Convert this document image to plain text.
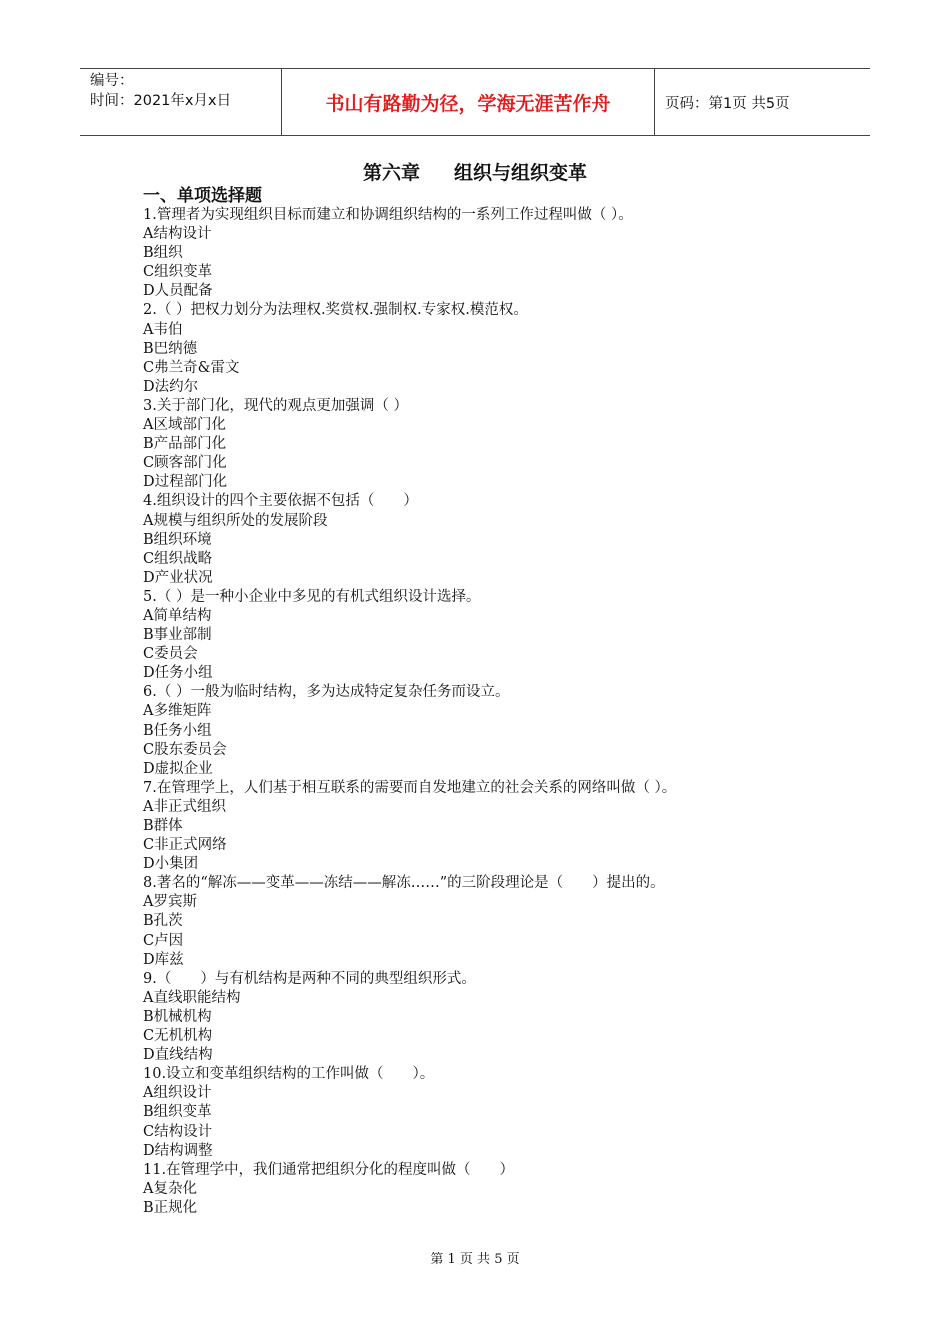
编号：
时间：2021年x月x日	书山有路勤为径，学海无涯苦作舟	页码：第1页 共5页
第六章 组织与组织变革
一、单项选择题
1.管理者为实现组织目标而建立和协调组织结构的一系列工作过程叫做（ ）。
A结构设计
B组织
C组织变革
D人员配备
2.（ ）把权力划分为法理权.奖赏权.强制权.专家权.模范权。
A韦伯
B巴纳德
C弗兰奇&雷文
D法约尔
3.关于部门化，现代的观点更加强调（ ）
A区域部门化
B产品部门化
C顾客部门化
D过程部门化
4.组织设计的四个主要依据不包括（　　）
A规模与组织所处的发展阶段
B组织环境
C组织战略
D产业状况
5.（ ）是一种小企业中多见的有机式组织设计选择。
A简单结构
B事业部制
C委员会
D任务小组
6.（ ）一般为临时结构，多为达成特定复杂任务而设立。
A多维矩阵
B任务小组
C股东委员会
D虚拟企业
7.在管理学上，人们基于相互联系的需要而自发地建立的社会关系的网络叫做（ ）。
A非正式组织
B群体
C非正式网络
D小集团
8.著名的“解冻——变革——冻结——解冻……”的三阶段理论是（　　）提出的。
A罗宾斯
B孔茨
C卢因
D库兹
9.（　　）与有机结构是两种不同的典型组织形式。
A直线职能结构
B机械机构
C无机机构
D直线结构
10.设立和变革组织结构的工作叫做（　　）。
A组织设计
B组织变革
C结构设计
D结构调整
11.在管理学中，我们通常把组织分化的程度叫做（　　）
A复杂化
B正规化
第 1 页 共 5 页
